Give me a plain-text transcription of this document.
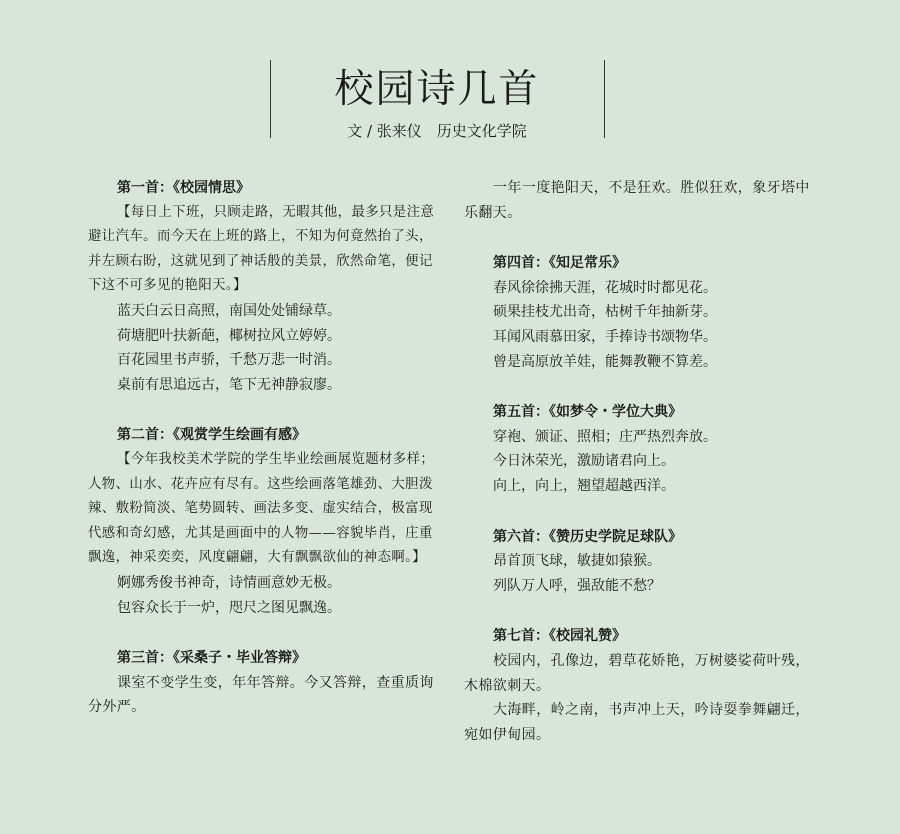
校园诗几首
文 / 张来仪　历史文化学院
第一首：《校园情思》
【每日上下班，只顾走路，无暇其他，最多只是注意避让汽车。而今天在上班的路上，不知为何竟然抬了头，并左顾右盼，这就见到了神话般的美景，欣然命笔，便记下这不可多见的艳阳天。】
蓝天白云日高照，南国处处铺绿草。
荷塘肥叶扶新葩，椰树拉风立婷婷。
百花园里书声骄，千愁万悲一时消。
桌前有思追远古，笔下无神静寂廖。
第二首：《观赏学生绘画有感》
【今年我校美术学院的学生毕业绘画展览题材多样；人物、山水、花卉应有尽有。这些绘画落笔雄劲、大胆泼辣、敷粉简淡、笔势圆转、画法多变、虚实结合，极富现代感和奇幻感，尤其是画面中的人物——容貌毕肖，庄重飘逸，神采奕奕，风度翩翩，大有飘飘欲仙的神态啊。】
婀娜秀俊书神奇，诗情画意妙无极。
包容众长于一炉，咫尺之图见飘逸。
第三首：《采桑子・毕业答辩》
课室不变学生变，年年答辩。今又答辩，查重质询分外严。
一年一度艳阳天，不是狂欢。胜似狂欢，象牙塔中乐翻天。
第四首：《知足常乐》
春风徐徐拂天涯，花城时时都见花。
硕果挂枝尤出奇，枯树千年抽新芽。
耳闻风雨慕田家，手捧诗书颂物华。
曾是高原放羊娃，能舞教鞭不算差。
第五首：《如梦令・学位大典》
穿袍、颁证、照相；庄严热烈奔放。
今日沐荣光，激励诸君向上。
向上，向上，翘望超越西洋。
第六首：《赞历史学院足球队》
昂首顶飞球，敏捷如猿猴。
列队万人呼，强敌能不愁？
第七首：《校园礼赞》
校园内，孔像边，碧草花娇艳，万树婆娑荷叶残，木棉欲刺天。
大海畔，岭之南，书声冲上天，吟诗耍拳舞翩迁，宛如伊甸园。
